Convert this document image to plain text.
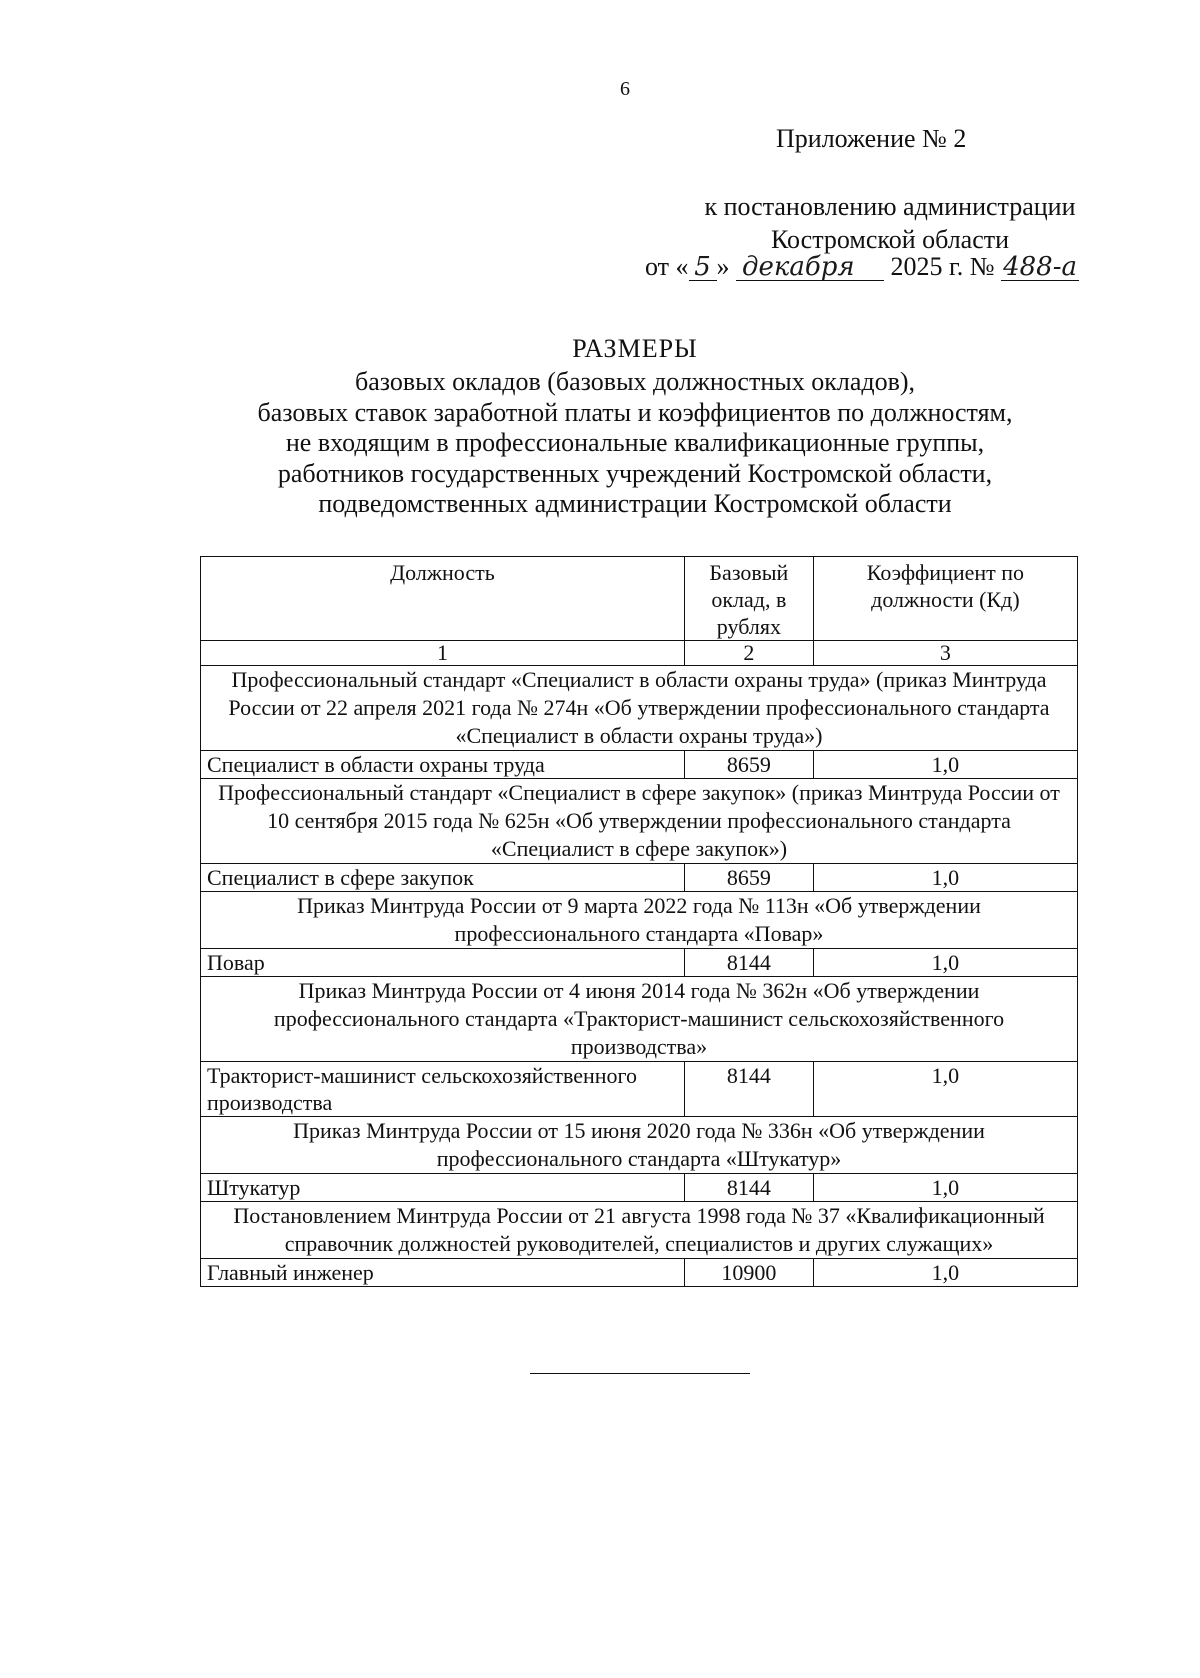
6
Приложение № 2
к постановлению администрации
Костромской области
от « 5 » декабря 2025 г. № 488-а
РАЗМЕРЫ
базовых окладов (базовых должностных окладов),
базовых ставок заработной платы и коэффициентов по должностям,
не входящим в профессиональные квалификационные группы,
работников государственных учреждений Костромской области,
подведомственных администрации Костромской области
Должность	Базовый оклад, в рублях	Коэффициент по должности (Кд)
1	2	3
Профессиональный стандарт «Специалист в области охраны труда» (приказ Минтруда России от 22 апреля 2021 года № 274н «Об утверждении профессионального стандарта «Специалист в области охраны труда»)		
Специалист в области охраны труда	8659	1,0
Профессиональный стандарт «Специалист в сфере закупок» (приказ Минтруда России от 10 сентября 2015 года № 625н «Об утверждении профессионального стандарта «Специалист в сфере закупок»)		
Специалист в сфере закупок	8659	1,0
Приказ Минтруда России от 9 марта 2022 года № 113н «Об утверждении профессионального стандарта «Повар»		
Повар	8144	1,0
Приказ Минтруда России от 4 июня 2014 года № 362н «Об утверждении профессионального стандарта «Тракторист-машинист сельскохозяйственного производства»		
Тракторист-машинист сельскохозяйственного производства	8144	1,0
Приказ Минтруда России от 15 июня 2020 года № 336н «Об утверждении профессионального стандарта «Штукатур»		
Штукатур	8144	1,0
Постановлением Минтруда России от 21 августа 1998 года № 37 «Квалификационный справочник должностей руководителей, специалистов и других служащих»		
Главный инженер	10900	1,0
